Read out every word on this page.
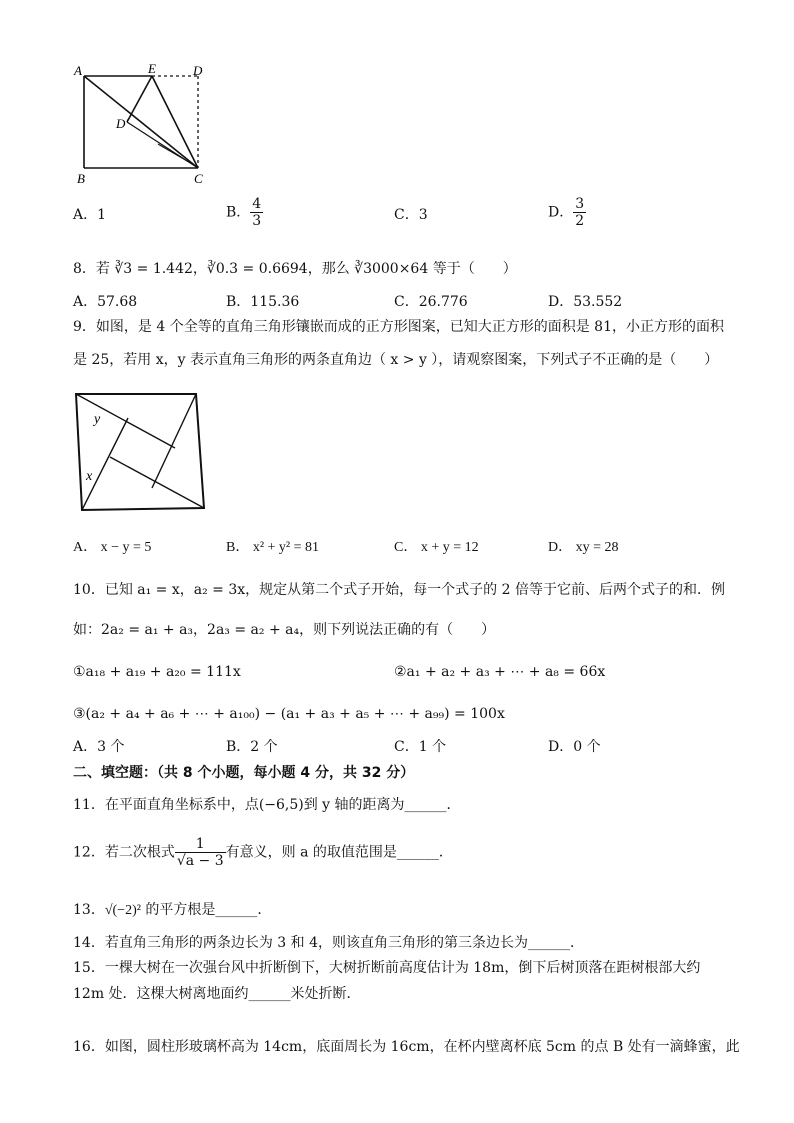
A	E	D
D'
B	C
A．1	B． $\frac{4}{3}$	C．3	D． $\frac{3}{2}$
8．若 ∛3 = 1.442，∛0.3 = 0.6694，那么 ∛3000×64 等于（　　）
A．57.68	B．115.36	C．26.776	D．53.552
9．如图，是 4 个全等的直角三角形镶嵌而成的正方形图案，已知大正方形的面积是 81，小正方形的面积
是 25，若用 x，y 表示直角三角形的两条直角边（ x > y ），请观察图案，下列式子不正确的是（　　）
y
x
A． x − y = 5	B． x² + y² = 81	C． x + y = 12	D． xy = 28
10．已知 a₁ = x，a₂ = 3x，规定从第二个式子开始，每一个式子的 2 倍等于它前、后两个式子的和．例
如：2a₂ = a₁ + a₃，2a₃ = a₂ + a₄，则下列说法正确的有（　　）
①a₁₈ + a₁₉ + a₂₀ = 111x	②a₁ + a₂ + a₃ + ⋯ + a₈ = 66x
③(a₂ + a₄ + a₆ + ⋯ + a₁₀₀) − (a₁ + a₃ + a₅ + ⋯ + a₉₉) = 100x
A．3 个	B．2 个	C．1 个	D．0 个
二、填空题：（共 8 个小题，每小题 4 分，共 32 分）
11．在平面直角坐标系中，点(−6,5)到 y 轴的距离为______．
12．若二次根式 $\frac{1}{√a - 3}$ 有意义，则 a 的取值范围是______．
13．√(−2)² 的平方根是______．
14．若直角三角形的两条边长为 3 和 4，则该直角三角形的第三条边长为______．
15．一棵大树在一次强台风中折断倒下，大树折断前高度估计为 18m，倒下后树顶落在距树根部大约
12m 处．这棵大树离地面约______米处折断．
16．如图，圆柱形玻璃杯高为 14cm，底面周长为 16cm，在杯内壁离杯底 5cm 的点 B 处有一滴蜂蜜，此
